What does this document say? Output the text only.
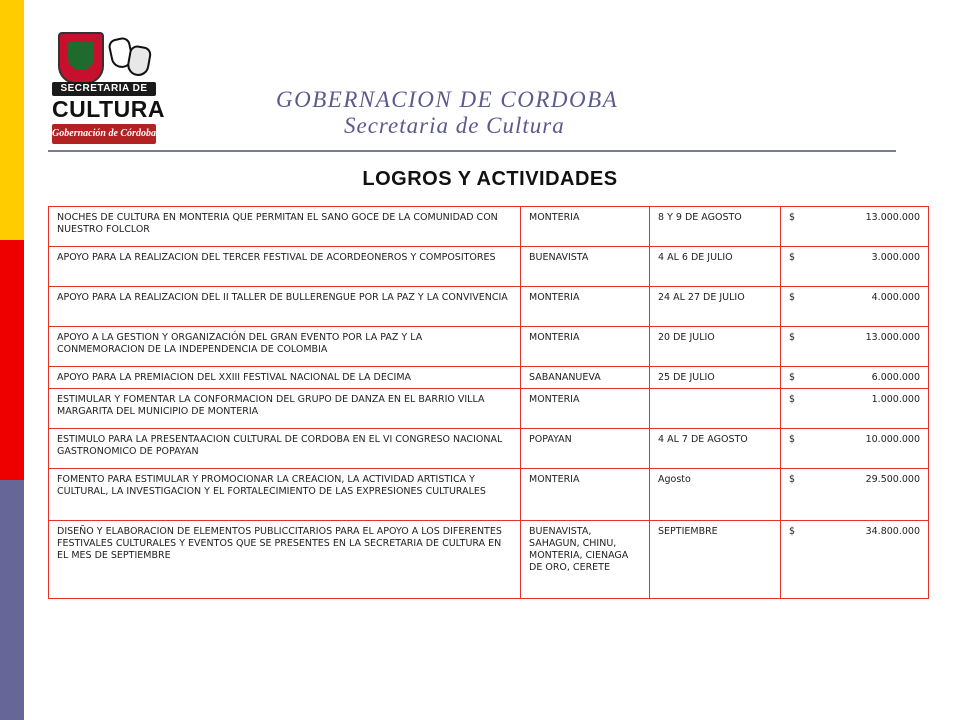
SECRETARIA DE
CULTURA
Gobernación de Córdoba
GOBERNACION DE CORDOBA
Secretaria de Cultura
LOGROS Y ACTIVIDADES
NOCHES DE CULTURA EN MONTERIA QUE PERMITAN EL SANO GOCE DE LA COMUNIDAD CON NUESTRO FOLCLOR	MONTERIA	8 Y 9 DE AGOSTO	$ 13.000.000

APOYO PARA LA REALIZACION DEL TERCER FESTIVAL DE ACORDEONEROS Y COMPOSITORES	BUENAVISTA	4 AL 6 DE JULIO	$ 3.000.000

APOYO PARA LA REALIZACION DEL II TALLER DE BULLERENGUE POR LA PAZ Y LA CONVIVENCIA	MONTERIA	24 AL 27 DE JULIO	$ 4.000.000

APOYO A LA GESTION Y ORGANIZACIÓN DEL GRAN EVENTO POR LA PAZ Y LA CONMEMORACION DE LA INDEPENDENCIA DE COLOMBIA	MONTERIA	20 DE JULIO	$ 13.000.000

APOYO PARA LA PREMIACION DEL XXIII FESTIVAL NACIONAL DE LA DECIMA	SABANANUEVA	25 DE JULIO	$ 6.000.000

ESTIMULAR Y FOMENTAR LA CONFORMACION DEL GRUPO DE DANZA EN EL BARRIO VILLA MARGARITA DEL MUNICIPIO DE MONTERIA	MONTERIA		$ 1.000.000

ESTIMULO PARA LA PRESENTAACION CULTURAL DE CORDOBA EN EL VI CONGRESO NACIONAL GASTRONOMICO DE POPAYAN	POPAYAN	4 AL 7 DE AGOSTO	$ 10.000.000

FOMENTO PARA ESTIMULAR Y PROMOCIONAR LA CREACION, LA ACTIVIDAD ARTISTICA Y CULTURAL, LA INVESTIGACION Y EL FORTALECIMIENTO DE LAS EXPRESIONES CULTURALES	MONTERIA	Agosto	$ 29.500.000

DISEÑO Y ELABORACION DE ELEMENTOS PUBLICCITARIOS PARA EL APOYO A LOS DIFERENTES FESTIVALES CULTURALES Y EVENTOS QUE SE PRESENTES EN LA SECRETARIA DE CULTURA EN EL MES DE SEPTIEMBRE	BUENAVISTA, SAHAGUN, CHINU, MONTERIA, CIENAGA DE ORO, CERETE	SEPTIEMBRE	$ 34.800.000
